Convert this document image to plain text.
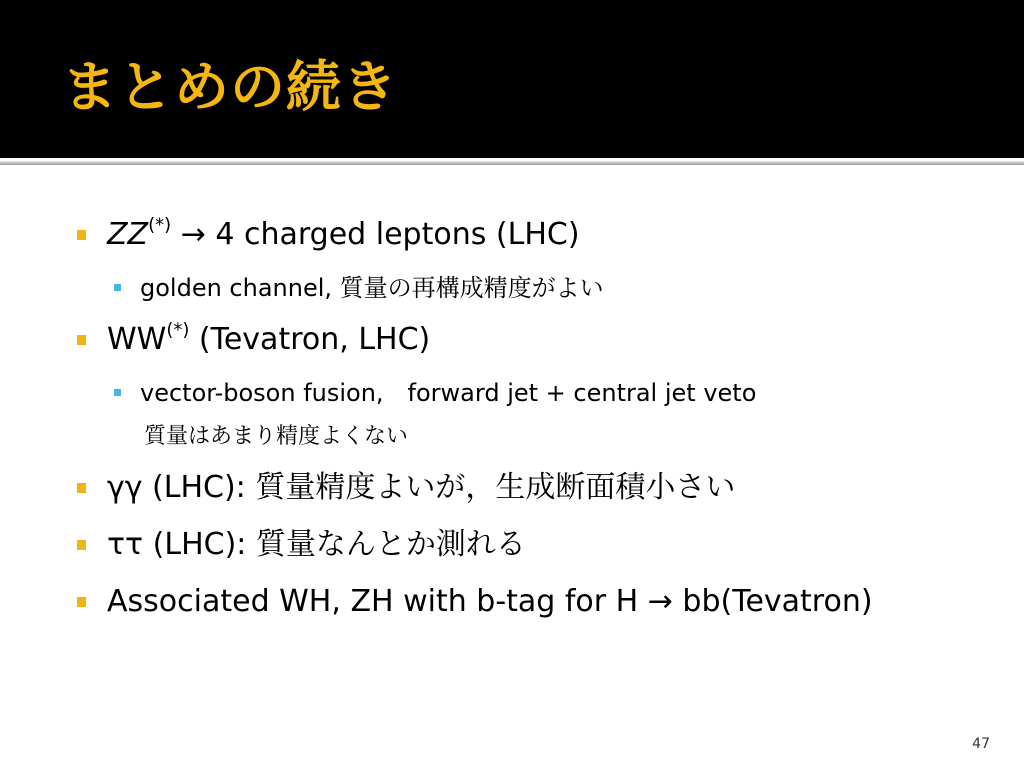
まとめの続き
ZZ(*) → 4 charged leptons (LHC)
golden channel, 質量の再構成精度がよい
WW(*) (Tevatron, LHC)
vector-boson fusion,　forward jet + central jet veto
質量はあまり精度よくない
γγ (LHC): 質量精度よいが，生成断面積小さい
ττ (LHC): 質量なんとか測れる
Associated WH, ZH with b-tag for H → bb(Tevatron)
47
